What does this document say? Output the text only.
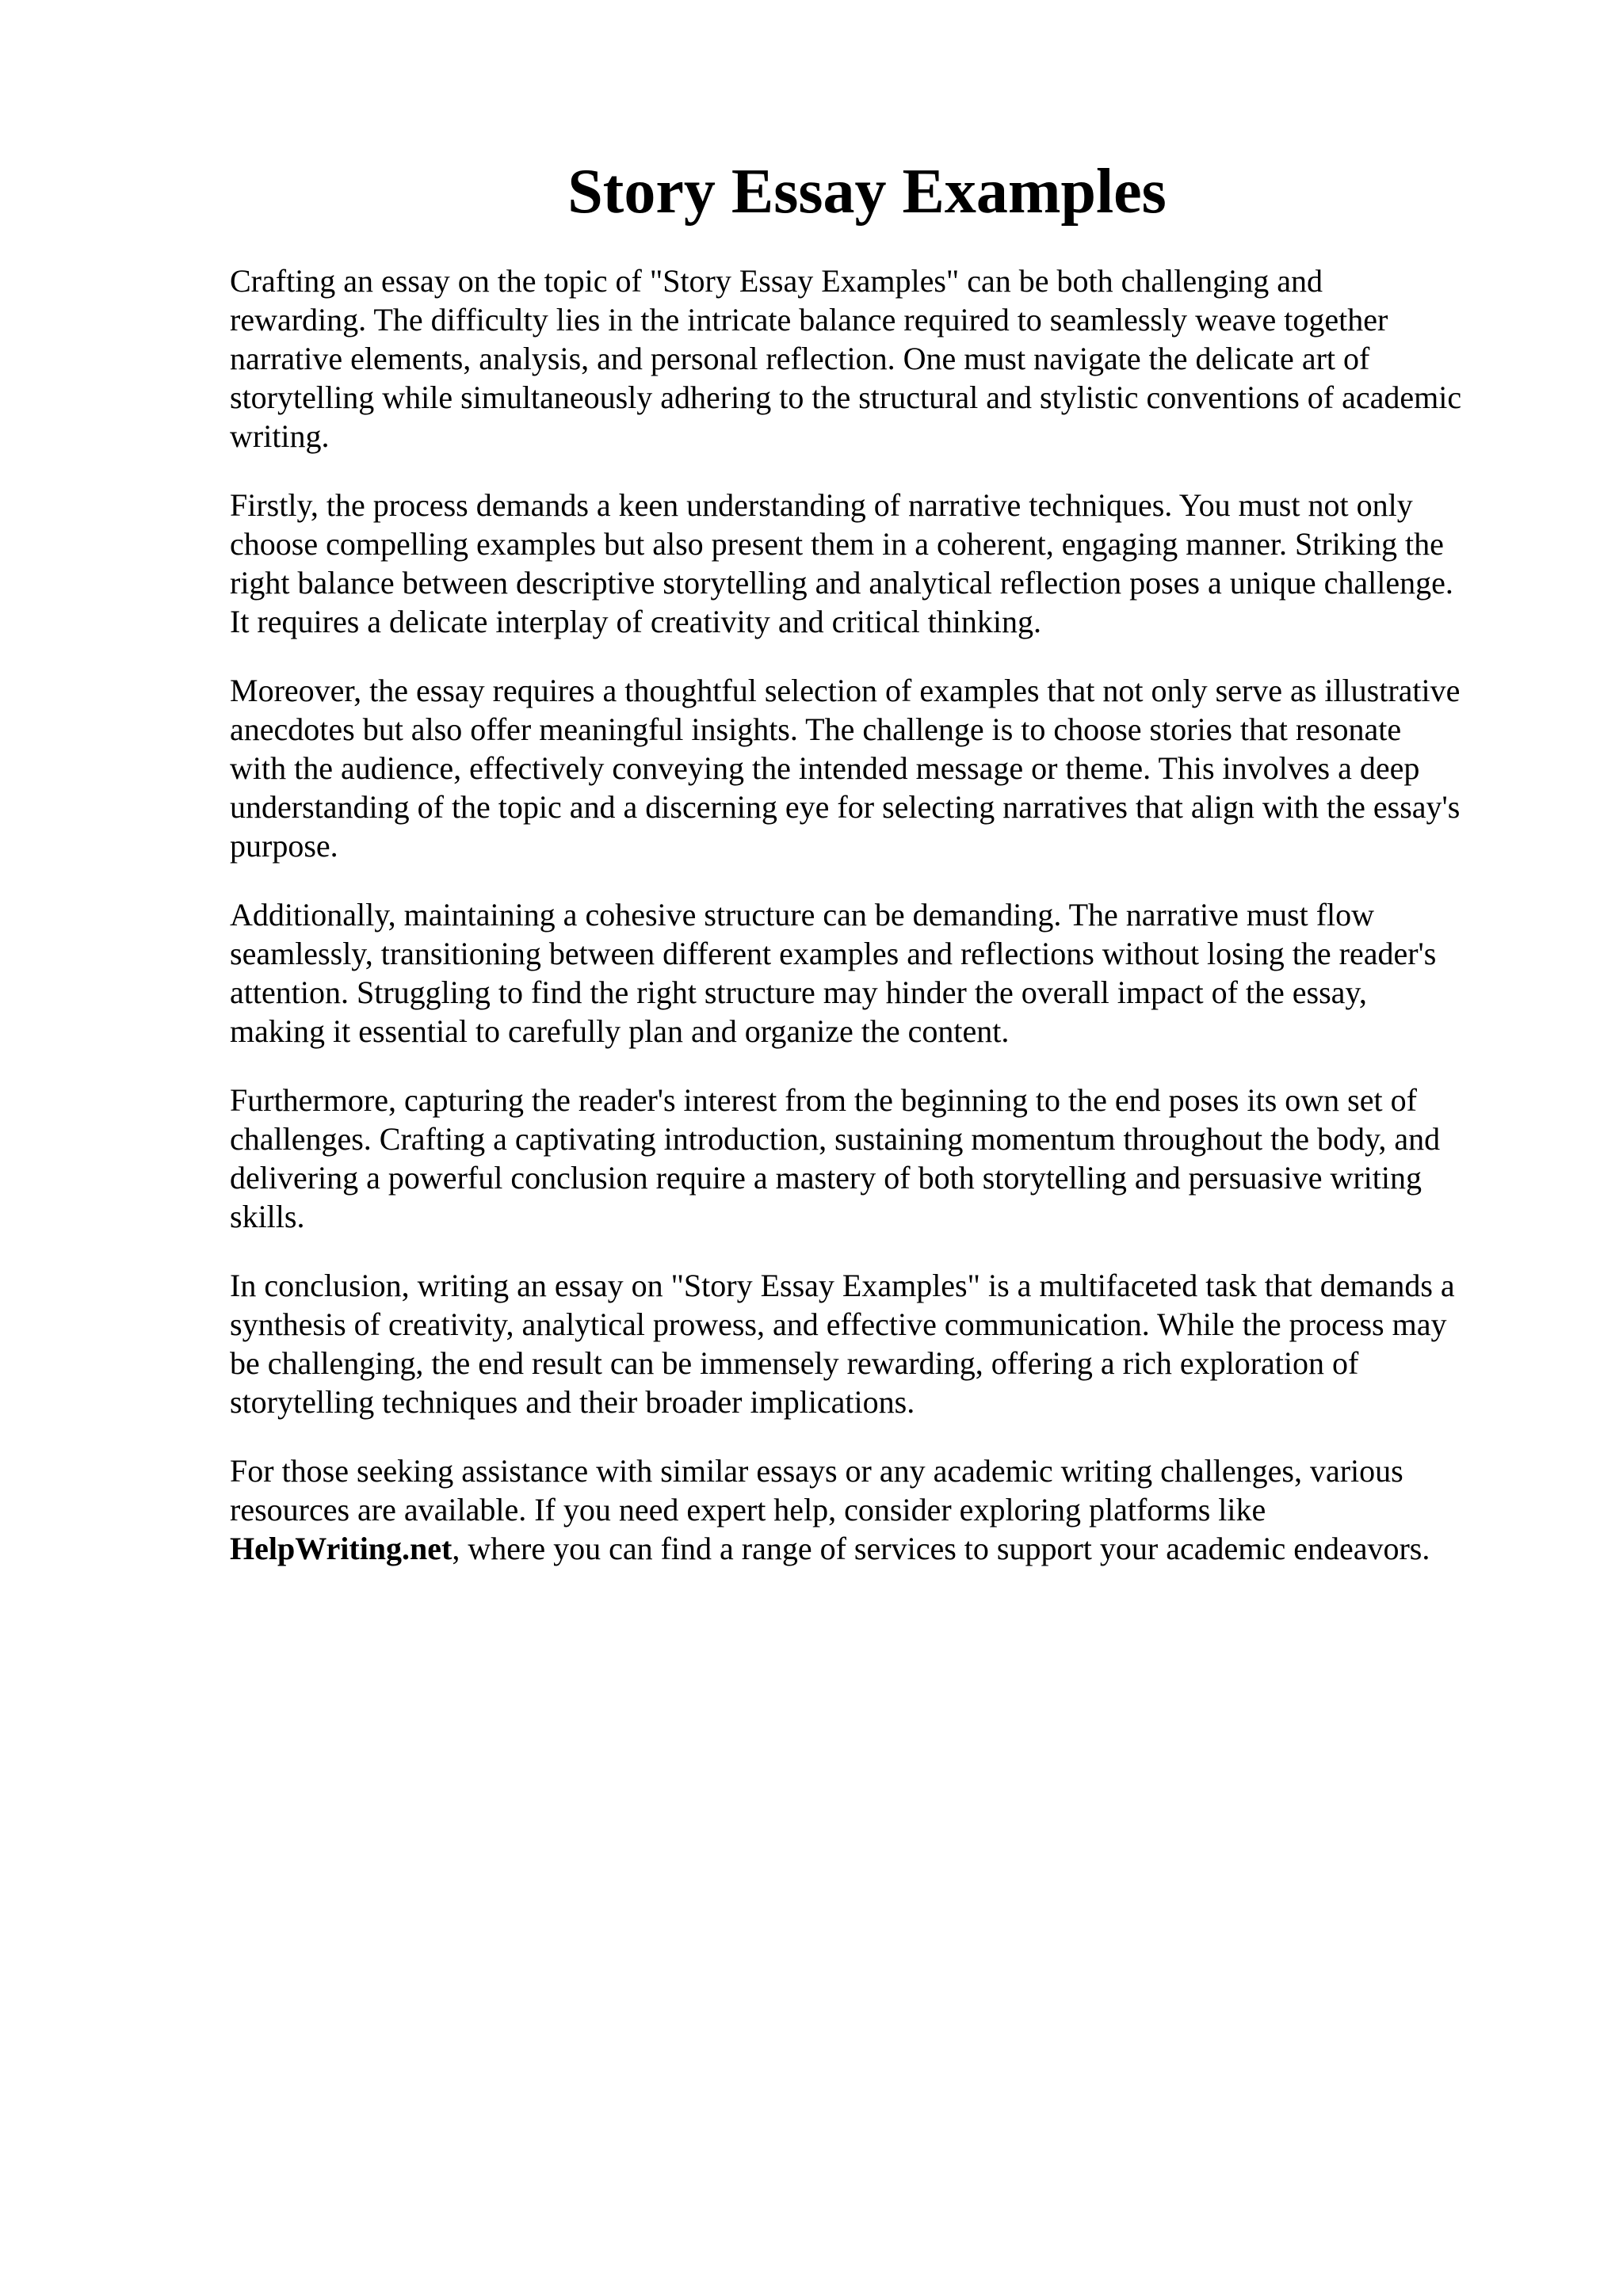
Story Essay Examples

Crafting an essay on the topic of "Story Essay Examples" can be both challenging and
rewarding. The difficulty lies in the intricate balance required to seamlessly weave together
narrative elements, analysis, and personal reflection. One must navigate the delicate art of
storytelling while simultaneously adhering to the structural and stylistic conventions of academic
writing.

Firstly, the process demands a keen understanding of narrative techniques. You must not only
choose compelling examples but also present them in a coherent, engaging manner. Striking the
right balance between descriptive storytelling and analytical reflection poses a unique challenge.
It requires a delicate interplay of creativity and critical thinking.

Moreover, the essay requires a thoughtful selection of examples that not only serve as illustrative
anecdotes but also offer meaningful insights. The challenge is to choose stories that resonate
with the audience, effectively conveying the intended message or theme. This involves a deep
understanding of the topic and a discerning eye for selecting narratives that align with the essay's
purpose.

Additionally, maintaining a cohesive structure can be demanding. The narrative must flow
seamlessly, transitioning between different examples and reflections without losing the reader's
attention. Struggling to find the right structure may hinder the overall impact of the essay,
making it essential to carefully plan and organize the content.

Furthermore, capturing the reader's interest from the beginning to the end poses its own set of
challenges. Crafting a captivating introduction, sustaining momentum throughout the body, and
delivering a powerful conclusion require a mastery of both storytelling and persuasive writing
skills.

In conclusion, writing an essay on "Story Essay Examples" is a multifaceted task that demands a
synthesis of creativity, analytical prowess, and effective communication. While the process may
be challenging, the end result can be immensely rewarding, offering a rich exploration of
storytelling techniques and their broader implications.

For those seeking assistance with similar essays or any academic writing challenges, various
resources are available. If you need expert help, consider exploring platforms like
HelpWriting.net, where you can find a range of services to support your academic endeavors.
